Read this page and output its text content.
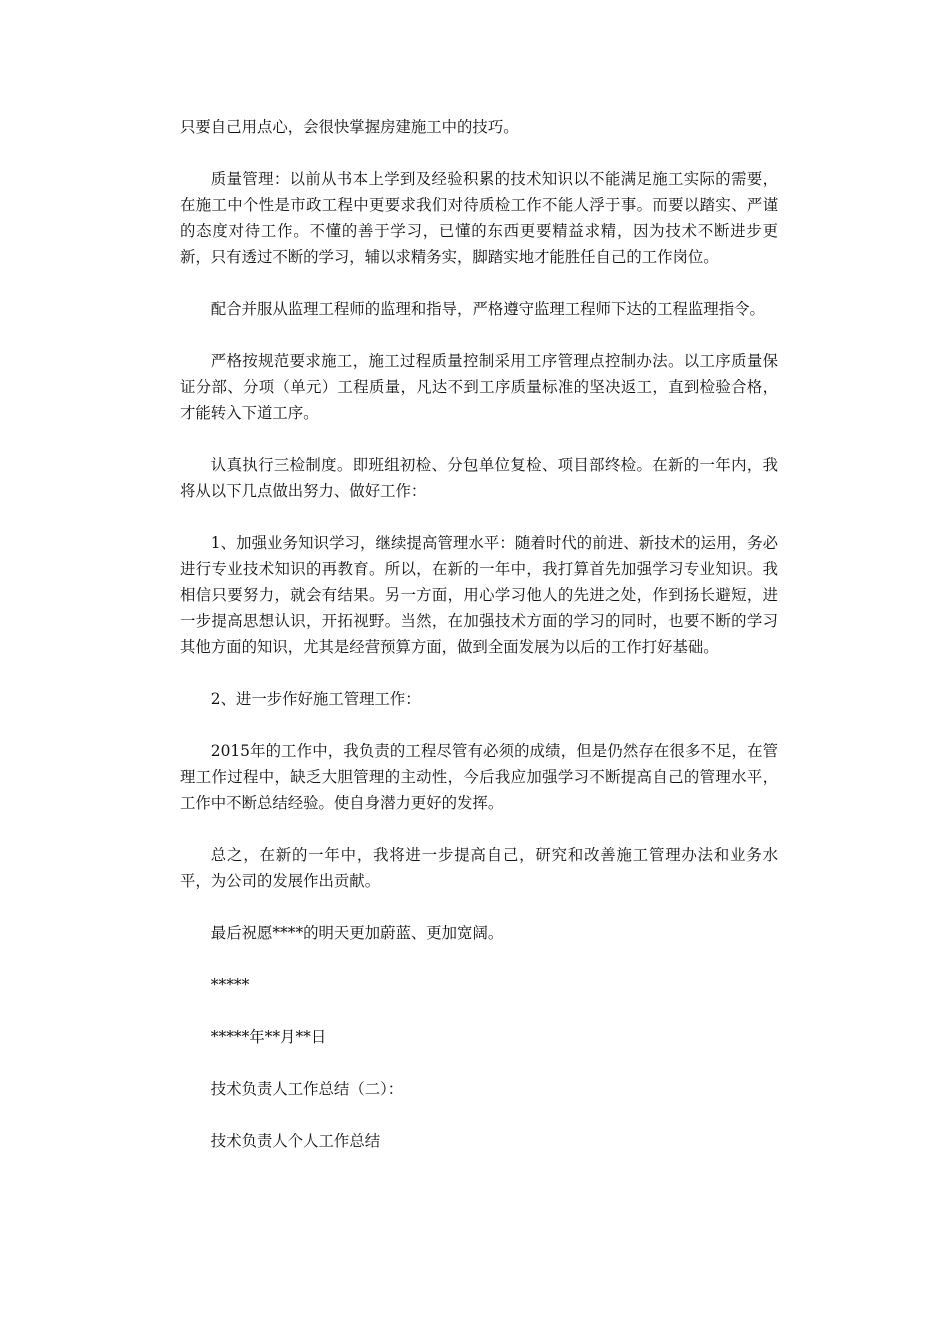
只要自己用点心，会很快掌握房建施工中的技巧。

质量管理：以前从书本上学到及经验积累的技术知识以不能满足施工实际的需要，在施工中个性是市政工程中更要求我们对待质检工作不能人浮于事。而要以踏实、严谨的态度对待工作。不懂的善于学习，已懂的东西更要精益求精，因为技术不断进步更新，只有透过不断的学习，辅以求精务实，脚踏实地才能胜任自己的工作岗位。

配合并服从监理工程师的监理和指导，严格遵守监理工程师下达的工程监理指令。

严格按规范要求施工，施工过程质量控制采用工序管理点控制办法。以工序质量保证分部、分项（单元）工程质量，凡达不到工序质量标准的坚决返工，直到检验合格，才能转入下道工序。

认真执行三检制度。即班组初检、分包单位复检、项目部终检。在新的一年内，我将从以下几点做出努力、做好工作：

1、加强业务知识学习，继续提高管理水平：随着时代的前进、新技术的运用，务必进行专业技术知识的再教育。所以，在新的一年中，我打算首先加强学习专业知识。我相信只要努力，就会有结果。另一方面，用心学习他人的先进之处，作到扬长避短，进一步提高思想认识，开拓视野。当然，在加强技术方面的学习的同时，也要不断的学习其他方面的知识，尤其是经营预算方面，做到全面发展为以后的工作打好基础。

2、进一步作好施工管理工作：

2015年的工作中，我负责的工程尽管有必须的成绩，但是仍然存在很多不足，在管理工作过程中，缺乏大胆管理的主动性，今后我应加强学习不断提高自己的管理水平，工作中不断总结经验。使自身潜力更好的发挥。

总之，在新的一年中，我将进一步提高自己，研究和改善施工管理办法和业务水平，为公司的发展作出贡献。

最后祝愿****的明天更加蔚蓝、更加宽阔。

*****

*****年**月**日

技术负责人工作总结（二）：

技术负责人个人工作总结
